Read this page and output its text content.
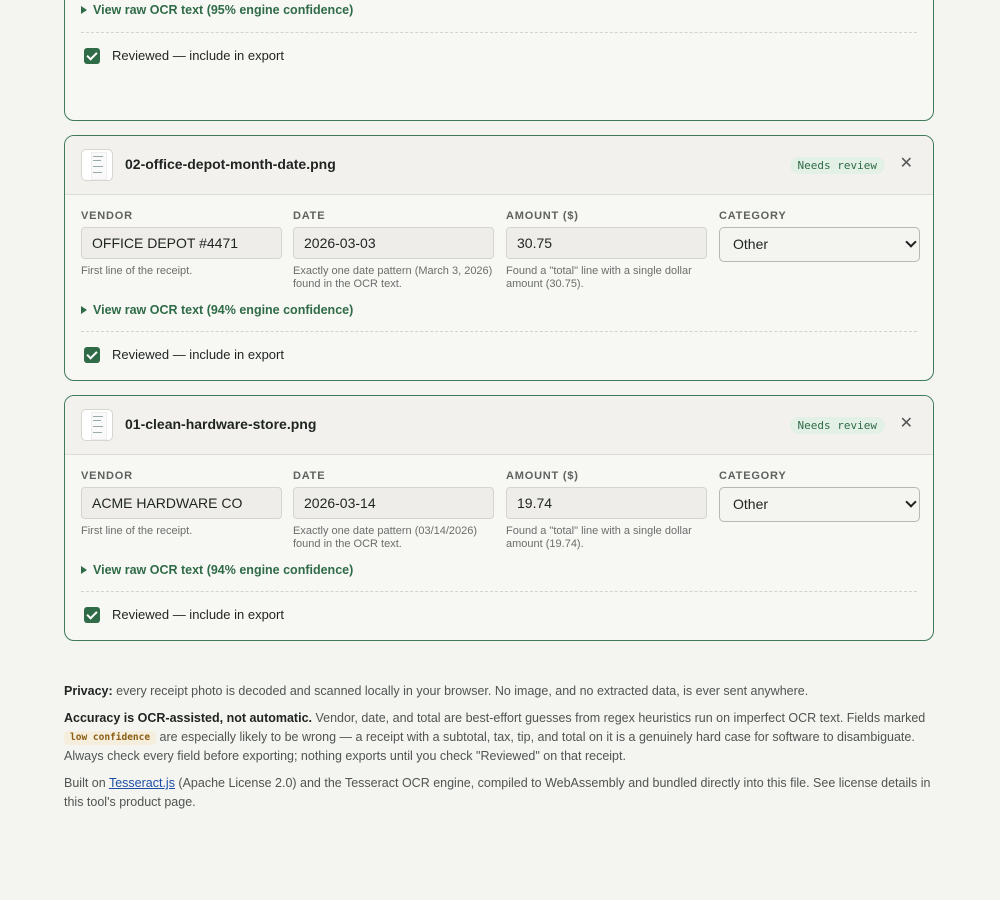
View raw OCR text (95% engine confidence)
Reviewed — include in export
02-office-depot-month-date.png	Needs review	✕
VENDOR
OFFICE DEPOT #4471
First line of the receipt.
DATE
2026-03-03
Exactly one date pattern (March 3, 2026) found in the OCR text.
AMOUNT ($)
30.75
Found a "total" line with a single dollar amount (30.75).
CATEGORY
Other
View raw OCR text (94% engine confidence)
Reviewed — include in export
01-clean-hardware-store.png	Needs review	✕
VENDOR
ACME HARDWARE CO
First line of the receipt.
DATE
2026-03-14
Exactly one date pattern (03/14/2026) found in the OCR text.
AMOUNT ($)
19.74
Found a "total" line with a single dollar amount (19.74).
CATEGORY
Other
View raw OCR text (94% engine confidence)
Reviewed — include in export

Privacy: every receipt photo is decoded and scanned locally in your browser. No image, and no extracted data, is ever sent anywhere.

Accuracy is OCR-assisted, not automatic. Vendor, date, and total are best-effort guesses from regex heuristics run on imperfect OCR text. Fields marked low confidence are especially likely to be wrong — a receipt with a subtotal, tax, tip, and total on it is a genuinely hard case for software to disambiguate. Always check every field before exporting; nothing exports until you check "Reviewed" on that receipt.

Built on Tesseract.js (Apache License 2.0) and the Tesseract OCR engine, compiled to WebAssembly and bundled directly into this file. See license details in this tool's product page.
